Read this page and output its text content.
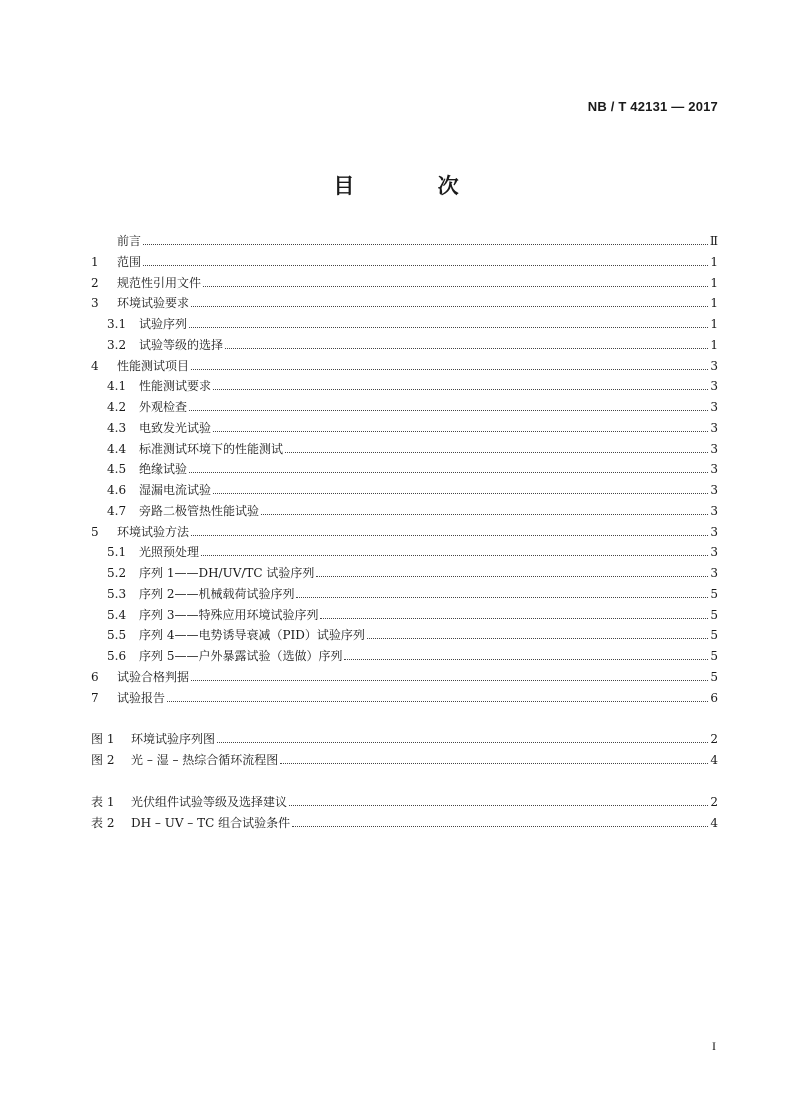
NB / T 42131 — 2017
目 次
前言	Ⅱ
1	范围	1
2	规范性引用文件	1
3	环境试验要求	1
3.1	试验序列	1
3.2	试验等级的选择	1
4	性能测试项目	3
4.1	性能测试要求	3
4.2	外观检查	3
4.3	电致发光试验	3
4.4	标准测试环境下的性能测试	3
4.5	绝缘试验	3
4.6	湿漏电流试验	3
4.7	旁路二极管热性能试验	3
5	环境试验方法	3
5.1	光照预处理	3
5.2	序列 1——DH/UV/TC 试验序列	3
5.3	序列 2——机械载荷试验序列	5
5.4	序列 3——特殊应用环境试验序列	5
5.5	序列 4——电势诱导衰减（PID）试验序列	5
5.6	序列 5——户外暴露试验（选做）序列	5
6	试验合格判据	5
7	试验报告	6
图 1	环境试验序列图	2
图 2	光 – 湿 – 热综合循环流程图	4
表 1	光伏组件试验等级及选择建议	2
表 2	DH – UV – TC 组合试验条件	4
I
